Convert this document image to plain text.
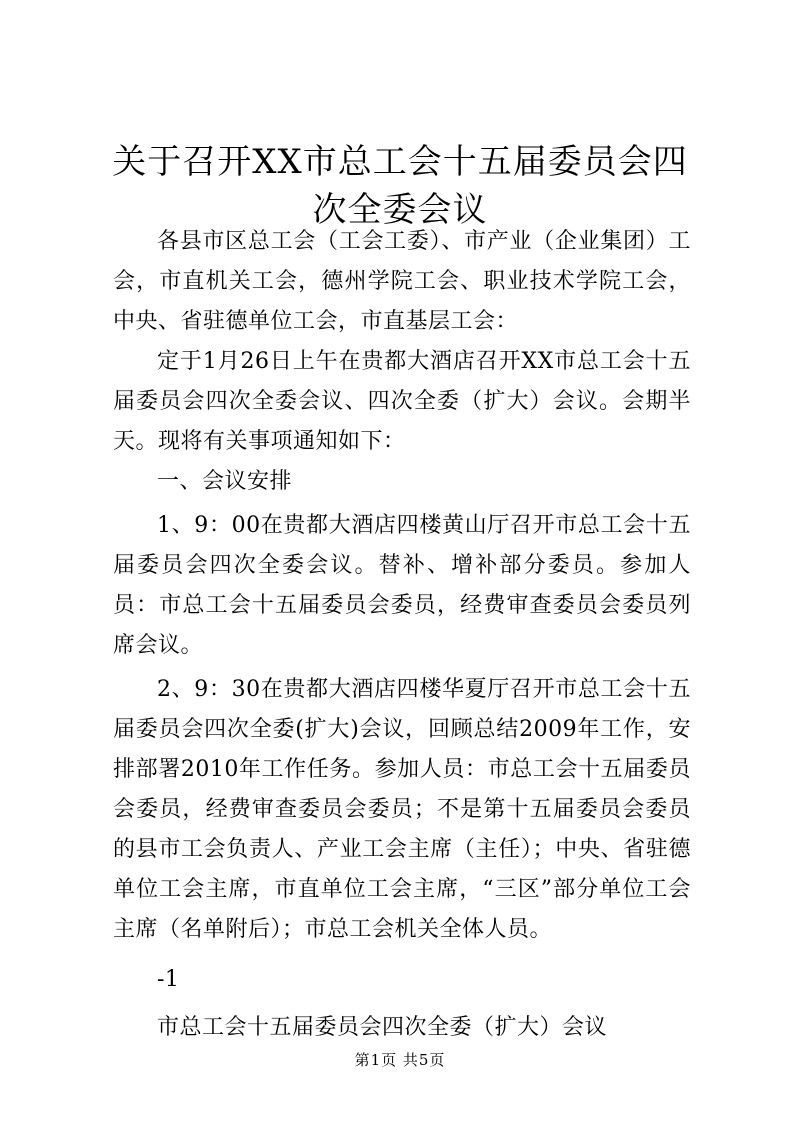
关于召开XX市总工会十五届委员会四次全委会议

各县市区总工会（工会工委）、市产业（企业集团）工会，市直机关工会，德州学院工会、职业技术学院工会，中央、省驻德单位工会，市直基层工会：

定于1月26日上午在贵都大酒店召开XX市总工会十五届委员会四次全委会议、四次全委（扩大）会议。会期半天。现将有关事项通知如下：

一、会议安排

1、9：00在贵都大酒店四楼黄山厅召开市总工会十五届委员会四次全委会议。替补、增补部分委员。参加人员：市总工会十五届委员会委员，经费审查委员会委员列席会议。

2、9：30在贵都大酒店四楼华夏厅召开市总工会十五届委员会四次全委(扩大)会议，回顾总结2009年工作，安排部署2010年工作任务。参加人员：市总工会十五届委员会委员，经费审查委员会委员；不是第十五届委员会委员的县市工会负责人、产业工会主席（主任）；中央、省驻德单位工会主席，市直单位工会主席，“三区”部分单位工会主席（名单附后）；市总工会机关全体人员。

-1

市总工会十五届委员会四次全委（扩大）会议

第1页 共5页
